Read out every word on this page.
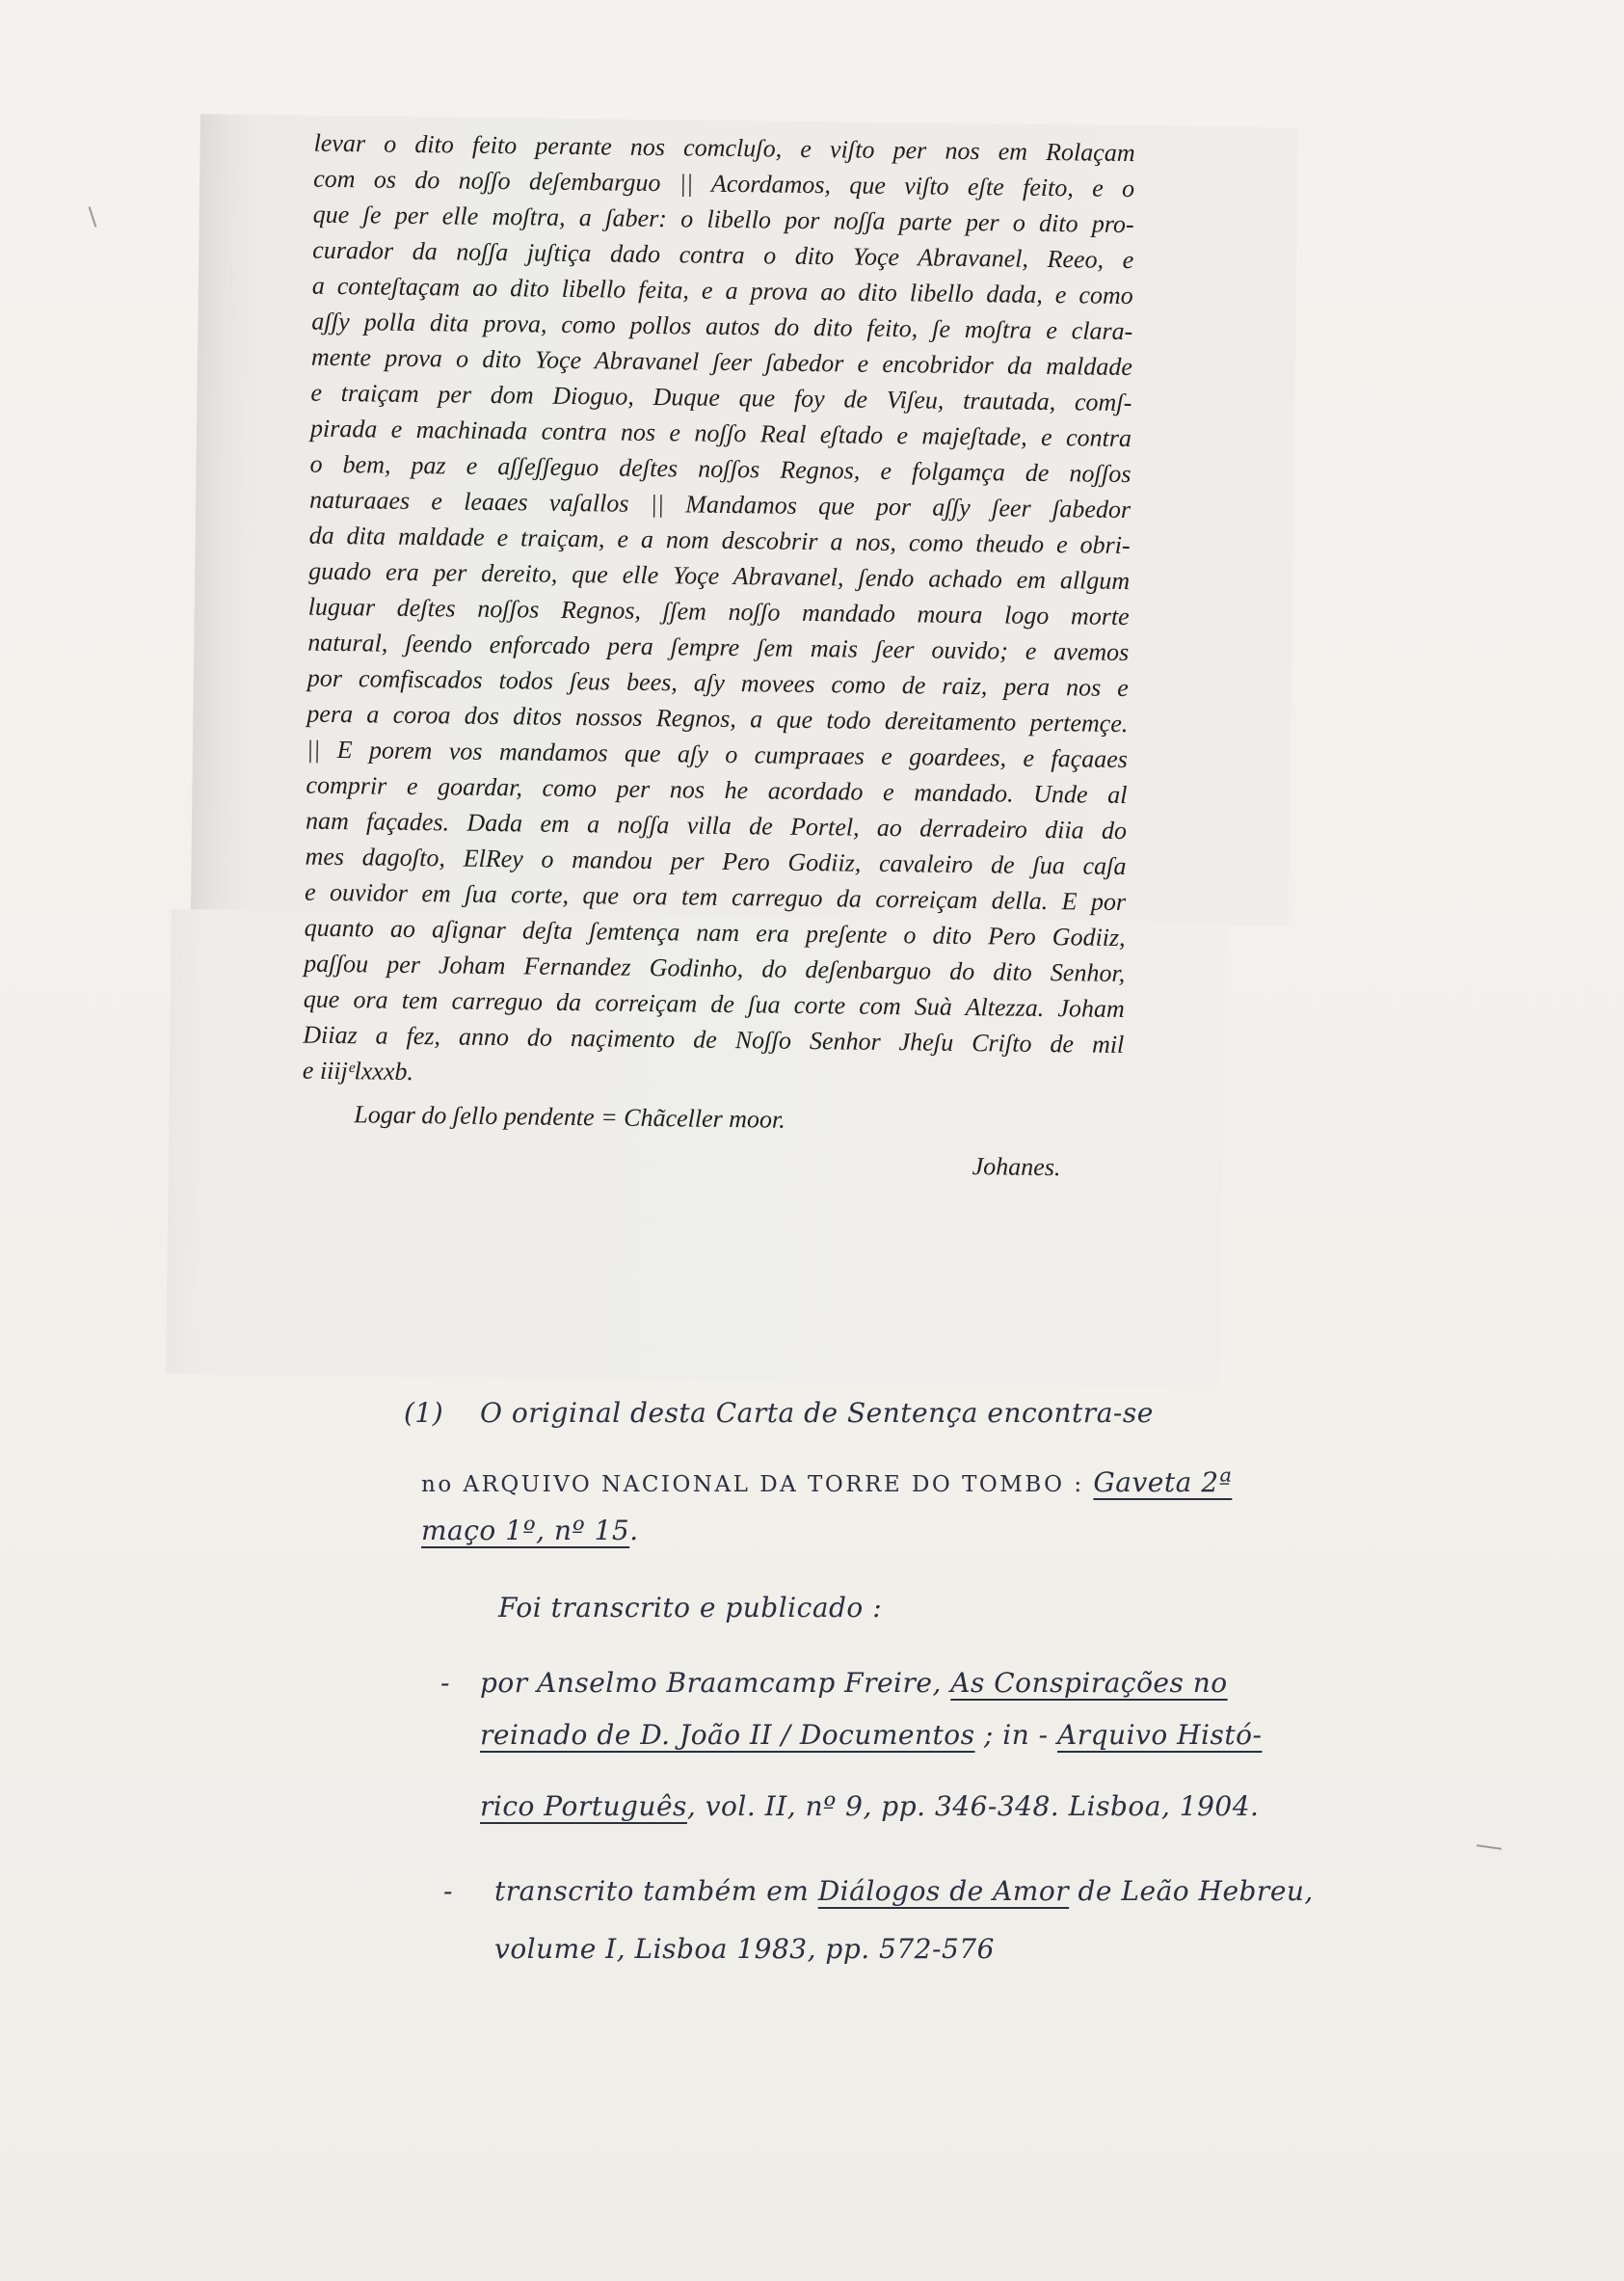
levar o dito feito perante nos comcluʃo, e viʃto per nos em Rolaçam
com os do noʃʃo deʃembarguo || Acordamos, que viʃto eʃte feito, e o
que ʃe per elle moʃtra, a ʃaber: o libello por noʃʃa parte per o dito pro-
curador da noʃʃa juʃtiça dado contra o dito Yoçe Abravanel, Reeo, e
a conteʃtaçam ao dito libello feita, e a prova ao dito libello dada, e como
aʃʃy polla dita prova, como pollos autos do dito feito, ʃe moʃtra e clara-
mente prova o dito Yoçe Abravanel ʃeer ʃabedor e encobridor da maldade
e traiçam per dom Dioguo, Duque que foy de Viʃeu, trautada, comʃ-
pirada e machinada contra nos e noʃʃo Real eʃtado e majeʃtade, e contra
o bem, paz e aʃʃeʃʃeguo deʃtes noʃʃos Regnos, e folgamça de noʃʃos
naturaaes e leaaes vaʃallos || Mandamos que por aʃʃy ʃeer ʃabedor
da dita maldade e traiçam, e a nom descobrir a nos, como theudo e obri-
guado era per dereito, que elle Yoçe Abravanel, ʃendo achado em allgum
luguar deʃtes noʃʃos Regnos, ʃʃem noʃʃo mandado moura logo morte
natural, ʃeendo enforcado pera ʃempre ʃem mais ʃeer ouvido; e avemos
por comfiscados todos ʃeus bees, aʃy movees como de raiz, pera nos e
pera a coroa dos ditos nossos Regnos, a que todo dereitamento pertemçe.
|| E porem vos mandamos que aʃy o cumpraaes e goardees, e façaaes
comprir e goardar, como per nos he acordado e mandado. Unde al
nam façades. Dada em a noʃʃa villa de Portel, ao derradeiro diia do
mes dagoʃto, ElRey o mandou per Pero Godiiz, cavaleiro de ʃua caʃa
e ouvidor em ʃua corte, que ora tem carreguo da correiçam della. E por
quanto ao aʃignar deʃta ʃemtença nam era preʃente o dito Pero Godiiz,
paʃʃou per Joham Fernandez Godinho, do deʃenbarguo do dito Senhor,
que ora tem carreguo da correiçam de ʃua corte com Suà Altezza. Joham
Diiaz a fez, anno do naçimento de Noʃʃo Senhor Jheʃu Criʃto de mil
e iiijᵉlxxxb.
Logar do ʃello pendente = Chãceller moor.
Johanes.
(1) O original desta Carta de Sentença encontra-se
no ARQUIVO NACIONAL DA TORRE DO TOMBO : Gaveta 2ª
maço 1º, nº 15.
Foi transcrito e publicado :
- por Anselmo Braamcamp Freire, As Conspirações no
reinado de D. João II / Documentos ; in - Arquivo Histó-
rico Português, vol. II, nº 9, pp. 346-348. Lisboa, 1904.
- transcrito também em Diálogos de Amor de Leão Hebreu,
volume I, Lisboa 1983, pp. 572-576
